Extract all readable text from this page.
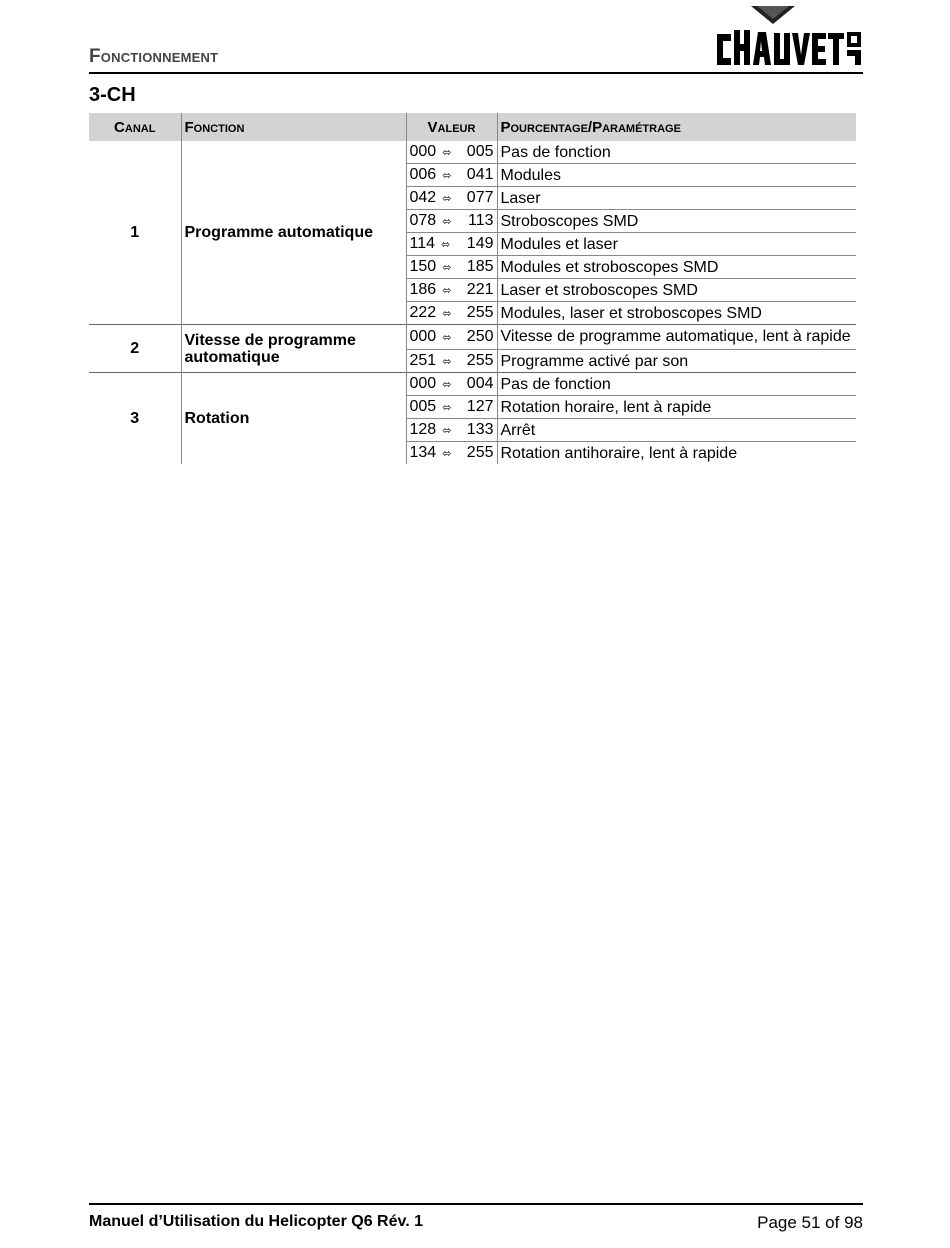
Fonctionnement
3-CH
Canal	Fonction	Valeur	Pourcentage/Paramétrage
1	Programme automatique	000 ⬄ 005	Pas de fonction

		006 ⬄ 041	Modules

		042 ⬄ 077	Laser

		078 ⬄ 113	Stroboscopes SMD

		114 ⬄ 149	Modules et laser

		150 ⬄ 185	Modules et stroboscopes SMD

		186 ⬄ 221	Laser et stroboscopes SMD

		222 ⬄ 255	Modules, laser et stroboscopes SMD
2	Vitesse de programme automatique	000 ⬄ 250	Vitesse de programme automatique, lent à rapide

		251 ⬄ 255	Programme activé par son
3	Rotation	000 ⬄ 004	Pas de fonction

		005 ⬄ 127	Rotation horaire, lent à rapide

		128 ⬄ 133	Arrêt

		134 ⬄ 255	Rotation antihoraire, lent à rapide
Manuel d’Utilisation du Helicopter Q6 Rév. 1	Page 51 of 98
